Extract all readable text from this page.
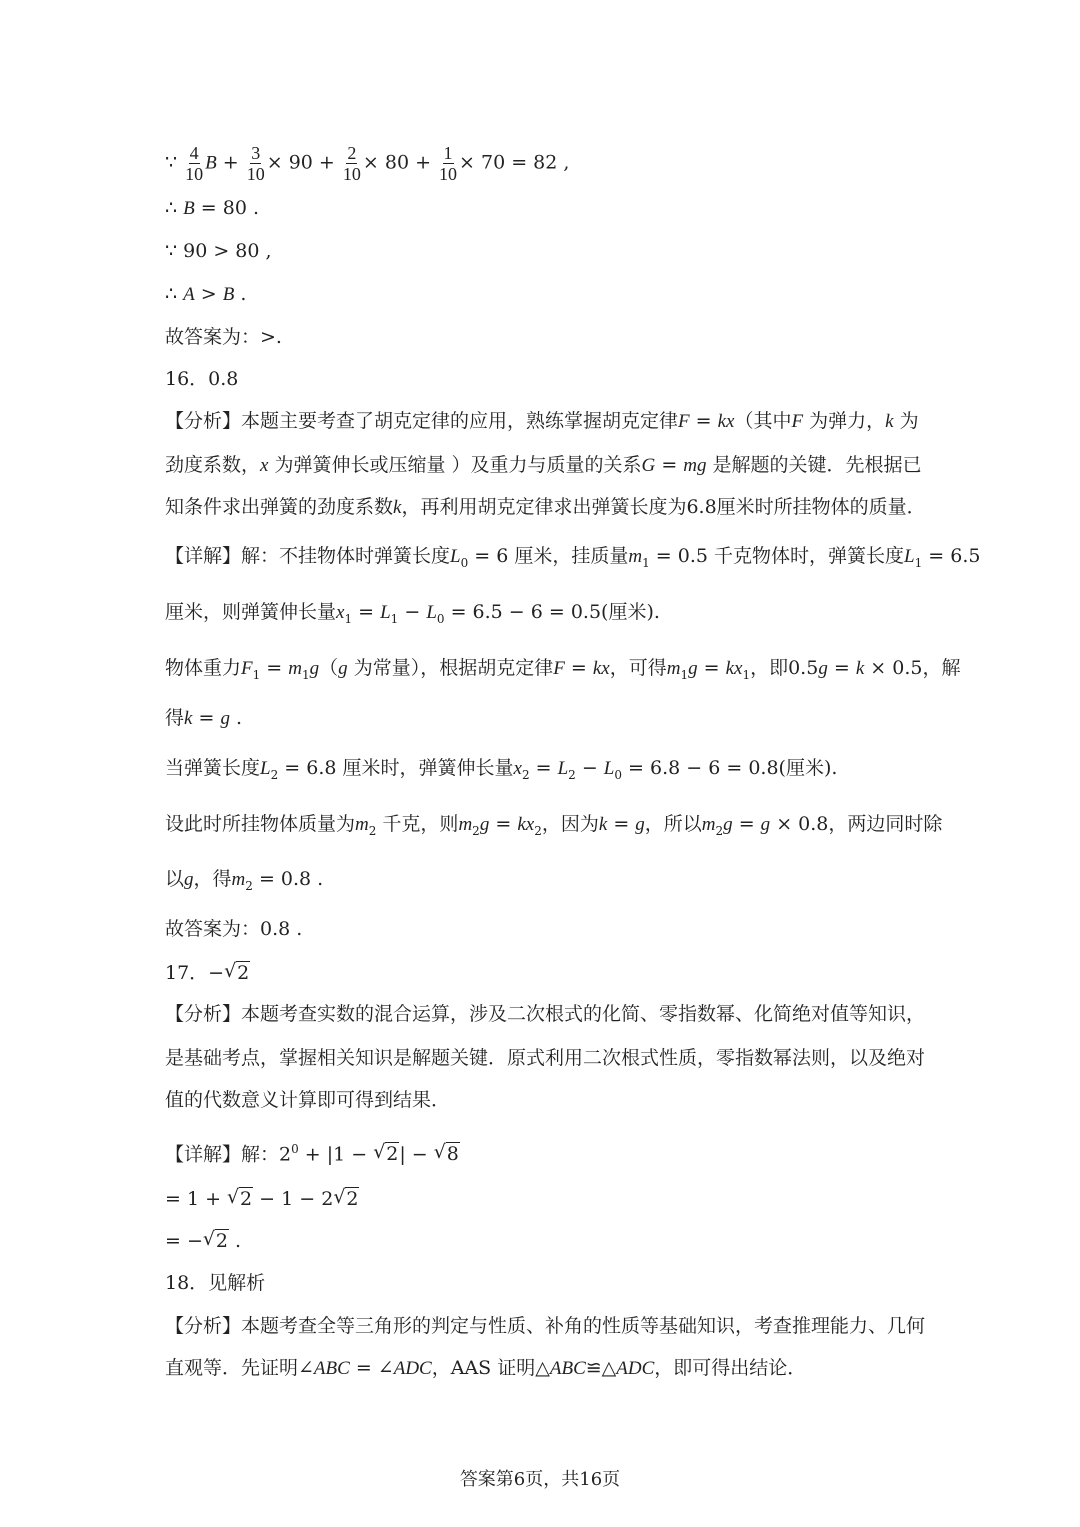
∵ $\frac{4}{10}$ $B + \frac{3}{10} \times 90 + \frac{2}{10} \times 80 + \frac{1}{10} \times 70 = 82$ ,
∴ B = 80 .
∵ 90 > 80 ,
∴ A > B .
故答案为：>.
16．0.8
【分析】本题主要考查了胡克定律的应用，熟练掌握胡克定律F = kx（其中F 为弹力，k 为
劲度系数，x 为弹簧伸长或压缩量 ）及重力与质量的关系G = mg 是解题的关键．先根据已
知条件求出弹簧的劲度系数k，再利用胡克定律求出弹簧长度为6.8厘米时所挂物体的质量．
【详解】解：不挂物体时弹簧长度$L_0 = 6$ 厘米，挂质量$m_1 = 0.5$ 千克物体时，弹簧长度$L_1 = 6.5$
厘米，则弹簧伸长量$x_1 = L_1 - L_0 = 6.5 - 6 = 0.5$(厘米).
物体重力$F_1 = m_1g(g$ 为常量），根据胡克定律F = kx，可得$m_1g = kx_1$，即0.5g = k × 0.5，解
得k = g .
当弹簧长度$L_2 = 6.8$ 厘米时，弹簧伸长量$x_2 = L_2 - L_0 = 6.8 - 6 = 0.8$(厘米).
设此时所挂物体质量为$m_2$ 千克，则$m_2g = kx_2$，因为k = g，所以$m_2g = g \times 0.8$，两边同时除
以g，得$m_2 = 0.8$ .
故答案为：0.8 .
17．− √ 2
【分析】本题考查实数的混合运算，涉及二次根式的化简、零指数幂、化简绝对值等知识，
是基础考点，掌握相关知识是解题关键．原式利用二次根式性质，零指数幂法则，以及绝对
值的代数意义计算即可得到结果．
【详解】解：$2^0 + |1$ − √ 2| − √ 8
= 1 + √ 2 − 1 − 2 √ 2
= − √ 2 .
18．见解析
【分析】本题考查全等三角形的判定与性质、补角的性质等基础知识，考查推理能力、几何
直观等．先证明∠ABC = ∠ADC，AAS 证明△ABC≌△ADC，即可得出结论．
答案第6页，共16页
